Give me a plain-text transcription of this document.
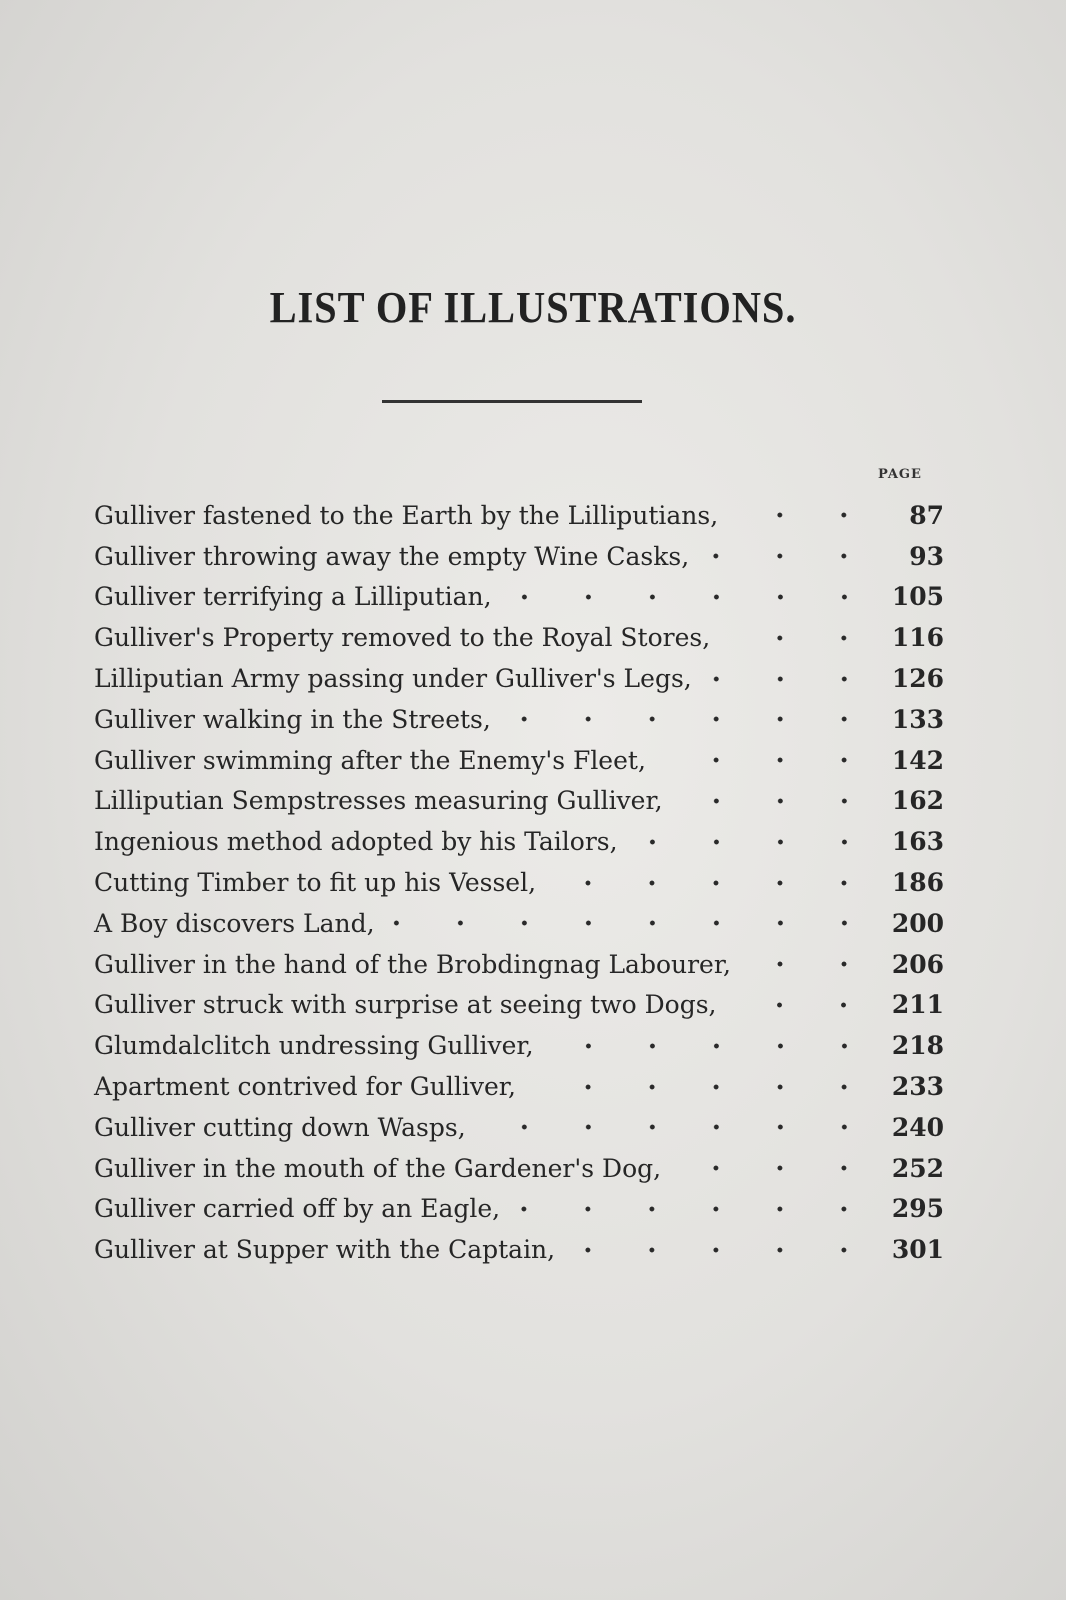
LIST OF ILLUSTRATIONS.
PAGE
Gulliver fastened to the Earth by the Lilliputians,	87
Gulliver throwing away the empty Wine Casks,	93
Gulliver terrifying a Lilliputian,	105
Gulliver's Property removed to the Royal Stores,	116
Lilliputian Army passing under Gulliver's Legs,	126
Gulliver walking in the Streets,	133
Gulliver swimming after the Enemy's Fleet,	142
Lilliputian Sempstresses measuring Gulliver,	162
Ingenious method adopted by his Tailors,	163
Cutting Timber to fit up his Vessel,	186
A Boy discovers Land,	200
Gulliver in the hand of the Brobdingnag Labourer,	206
Gulliver struck with surprise at seeing two Dogs,	211
Glumdalclitch undressing Gulliver,	218
Apartment contrived for Gulliver,	233
Gulliver cutting down Wasps,	240
Gulliver in the mouth of the Gardener's Dog,	252
Gulliver carried off by an Eagle,	295
Gulliver at Supper with the Captain,	301
